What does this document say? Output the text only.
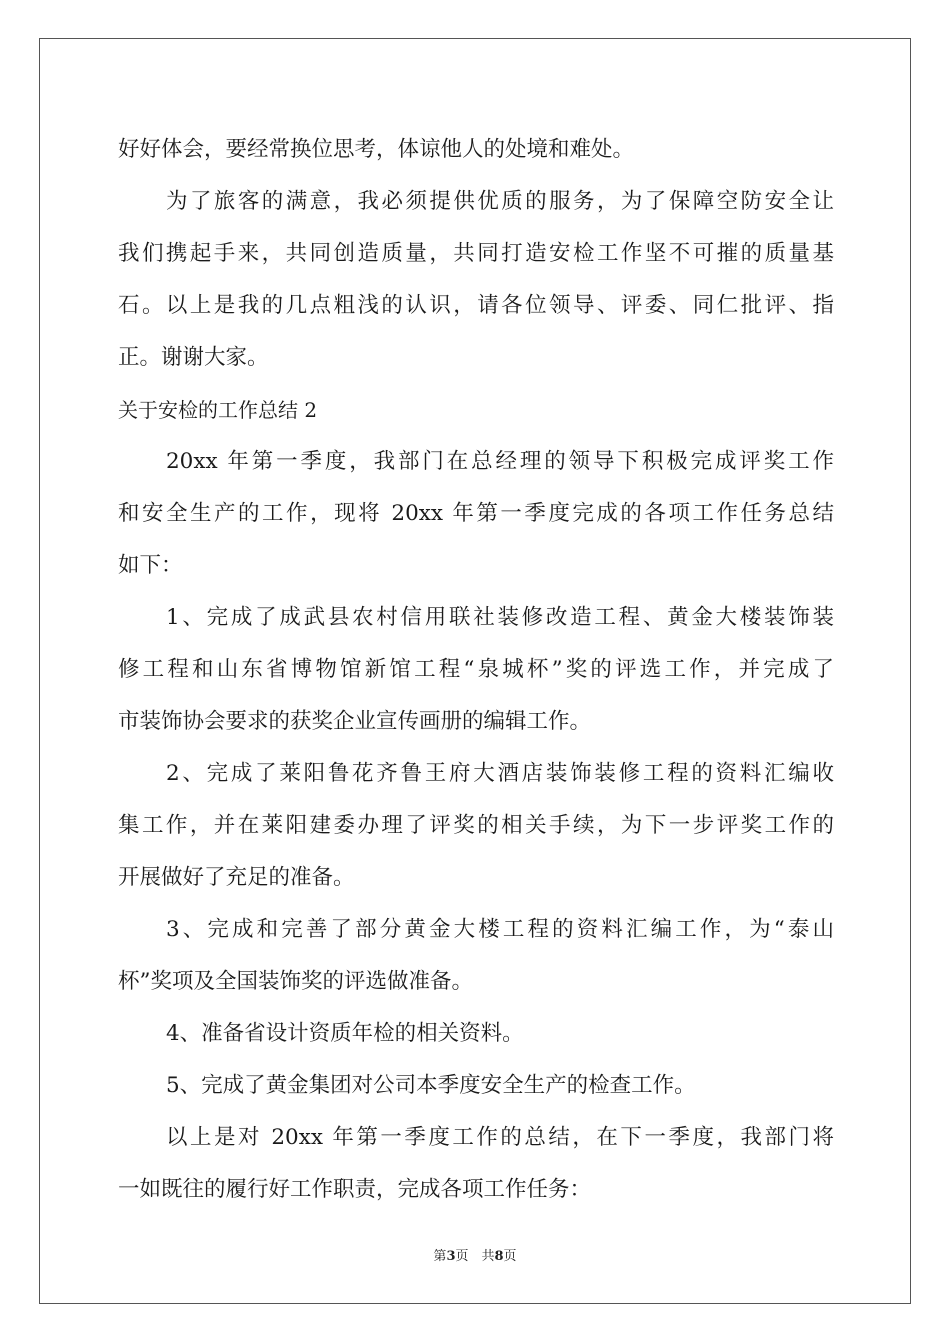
好好体会，要经常换位思考，体谅他人的处境和难处。
为了旅客的满意，我必须提供优质的服务，为了保障空防安全让
我们携起手来，共同创造质量，共同打造安检工作坚不可摧的质量基
石。以上是我的几点粗浅的认识，请各位领导、评委、同仁批评、指
正。谢谢大家。
关于安检的工作总结 2
20xx 年第一季度，我部门在总经理的领导下积极完成评奖工作
和安全生产的工作，现将 20xx 年第一季度完成的各项工作任务总结
如下：
1、完成了成武县农村信用联社装修改造工程、黄金大楼装饰装
修工程和山东省博物馆新馆工程“泉城杯”奖的评选工作，并完成了
市装饰协会要求的获奖企业宣传画册的编辑工作。
2、完成了莱阳鲁花齐鲁王府大酒店装饰装修工程的资料汇编收
集工作，并在莱阳建委办理了评奖的相关手续，为下一步评奖工作的
开展做好了充足的准备。
3、完成和完善了部分黄金大楼工程的资料汇编工作，为“泰山
杯”奖项及全国装饰奖的评选做准备。
4、准备省设计资质年检的相关资料。
5、完成了黄金集团对公司本季度安全生产的检查工作。
以上是对 20xx 年第一季度工作的总结，在下一季度，我部门将
一如既往的履行好工作职责，完成各项工作任务：
第3页　共8页
